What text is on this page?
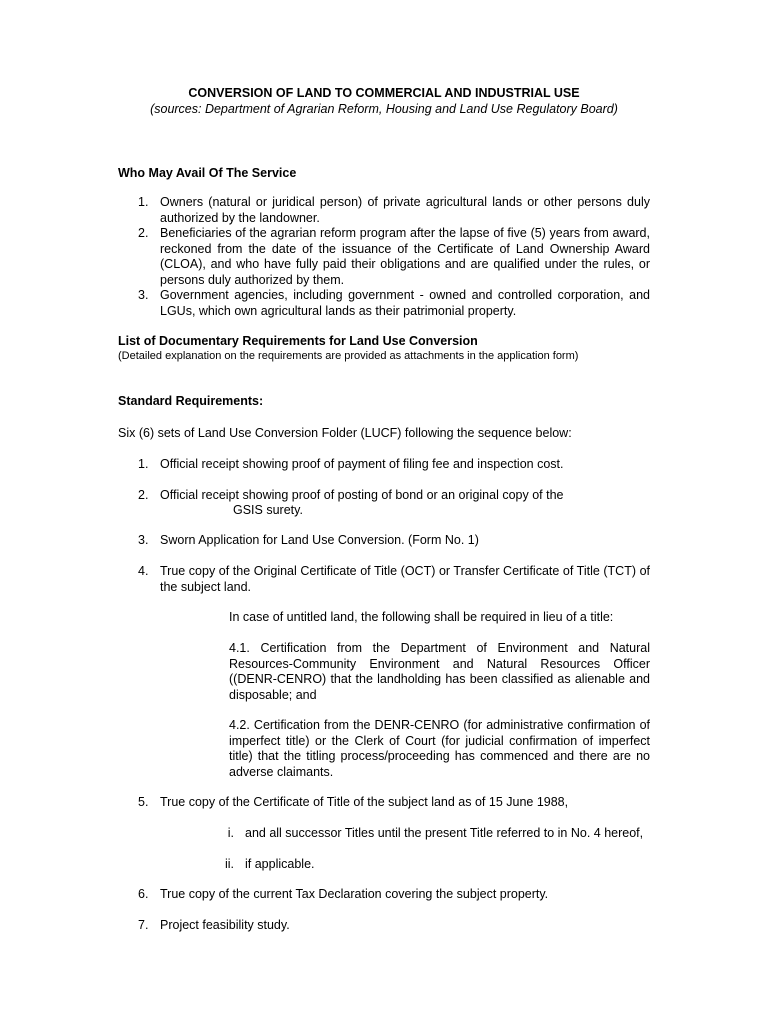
CONVERSION OF LAND TO COMMERCIAL AND INDUSTRIAL USE
(sources: Department of Agrarian Reform, Housing and Land Use Regulatory Board)
Who May Avail Of The Service
1. Owners (natural or juridical person) of private agricultural lands or other persons duly authorized by the landowner.
2. Beneficiaries of the agrarian reform program after the lapse of five (5) years from award, reckoned from the date of the issuance of the Certificate of Land Ownership Award (CLOA), and who have fully paid their obligations and are qualified under the rules, or persons duly authorized by them.
3. Government agencies, including government - owned and controlled corporation, and LGUs, which own agricultural lands as their patrimonial property.
List of Documentary Requirements for Land Use Conversion
(Detailed explanation on the requirements are provided as attachments in the application form)
Standard Requirements:
Six (6) sets of Land Use Conversion Folder (LUCF) following the sequence below:
1. Official receipt showing proof of payment of filing fee and inspection cost.
2. Official receipt showing proof of posting of bond or an original copy of the
GSIS surety.
3. Sworn Application for Land Use Conversion. (Form No. 1)
4. True copy of the Original Certificate of Title (OCT) or Transfer Certificate of Title (TCT) of the subject land.
In case of untitled land, the following shall be required in lieu of a title:
4.1. Certification from the Department of Environment and Natural Resources-Community Environment and Natural Resources Officer ((DENR-CENRO) that the landholding has been classified as alienable and disposable; and
4.2. Certification from the DENR-CENRO (for administrative confirmation of imperfect title) or the Clerk of Court (for judicial confirmation of imperfect title) that the titling process/proceeding has commenced and there are no adverse claimants.
5. True copy of the Certificate of Title of the subject land as of 15 June 1988,
i. and all successor Titles until the present Title referred to in No. 4 hereof,
ii. if applicable.
6. True copy of the current Tax Declaration covering the subject property.
7. Project feasibility study.
